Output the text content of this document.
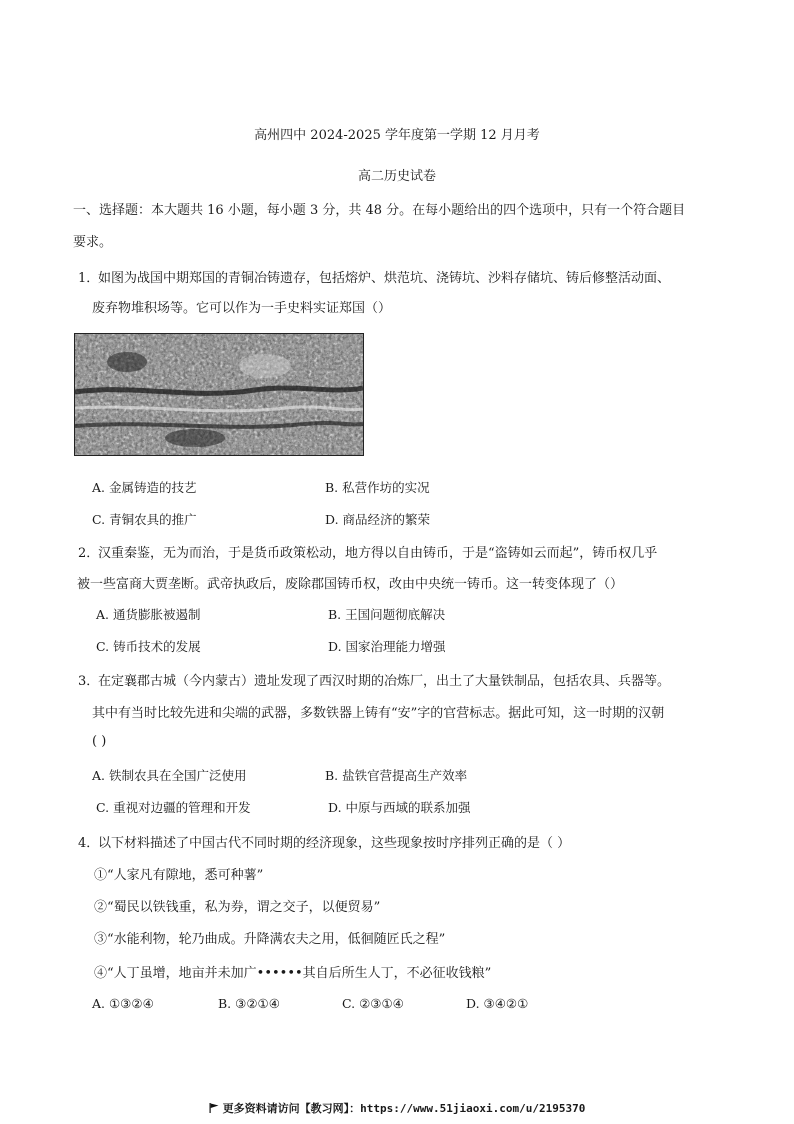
高州四中 2024-2025 学年度第一学期 12 月月考
高二历史试卷
一、选择题：本大题共 16 小题，每小题 3 分，共 48 分。在每小题给出的四个选项中，只有一个符合题目
要求。
1．
如图为战国中期郑国的青铜冶铸遗存，包括熔炉、烘范坑、浇铸坑、沙料存储坑、铸后修整活动面、
废弃物堆积场等。它可以作为一手史料实证郑国（）
A. 金属铸造的技艺	B. 私营作坊的实况
C. 青铜农具的推广	D. 商品经济的繁荣
2．
汉重秦鉴，无为而治，于是货币政策松动，地方得以自由铸币，于是“盗铸如云而起”，铸币权几乎
被一些富商大贾垄断。武帝执政后，废除郡国铸币权，改由中央统一铸币。这一转变体现了（）
A. 通货膨胀被遏制	B. 王国问题彻底解决
C. 铸币技术的发展	D. 国家治理能力增强
3．
在定襄郡古城（今内蒙古）遗址发现了西汉时期的冶炼厂，出土了大量铁制品，包括农具、兵器等。
其中有当时比较先进和尖端的武器，多数铁器上铸有“安”字的官营标志。据此可知，这一时期的汉朝
( )
A. 铁制农具在全国广泛使用	B. 盐铁官营提高生产效率
C. 重视对边疆的管理和开发	D. 中原与西域的联系加强
4．
以下材料描述了中国古代不同时期的经济现象，这些现象按时序排列正确的是（ ）
①“人家凡有隙地，悉可种薯”
②“蜀民以铁钱重，私为券，谓之交子，以便贸易”
③“水能利物，轮乃曲成。升降满农夫之用，低徊随匠氏之程”
④“人丁虽增，地亩并未加广••••••其自后所生人丁，不必征收钱粮”
A. ①③②④	B. ③②①④	C. ②③①④	D. ③④②①
更多资料请访问【教习网】：https://www.51jiaoxi.com/u/2195370
